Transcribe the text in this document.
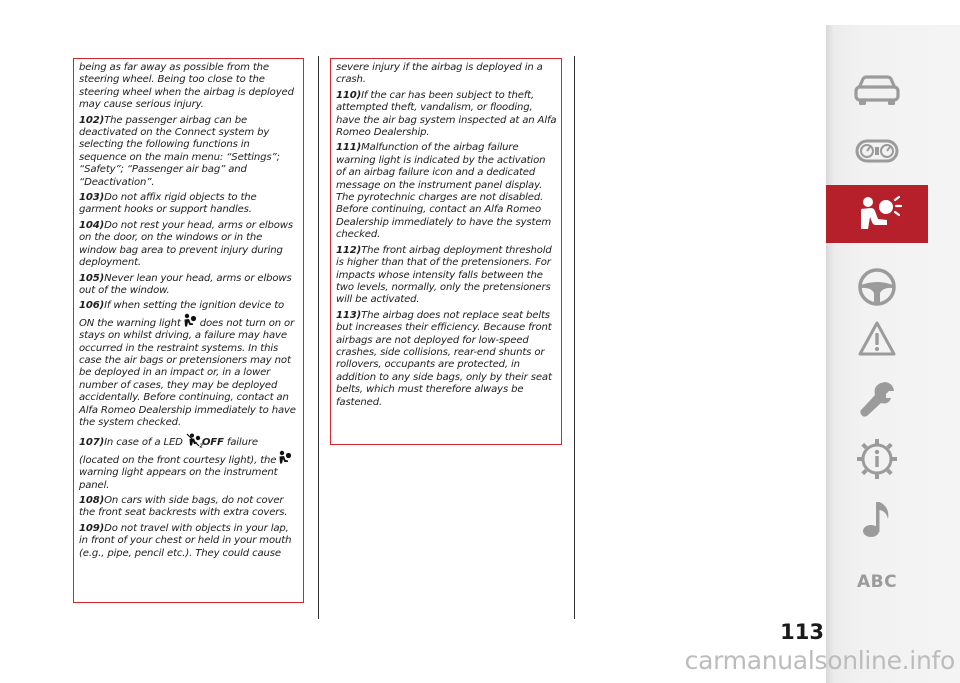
being as far away as possible from the steering wheel. Being too close to the steering wheel when the airbag is deployed may cause serious injury.
102)The passenger airbag can be deactivated on the Connect system by selecting the following functions in sequence on the main menu: “Settings”; “Safety”; “Passenger air bag” and “Deactivation”.
103)Do not affix rigid objects to the garment hooks or support handles.
104)Do not rest your head, arms or elbows on the door, on the windows or in the window bag area to prevent injury during deployment.
105)Never lean your head, arms or elbows out of the window.
106)If when setting the ignition device to ON the warning light does not turn on or stays on whilst driving, a failure may have occurred in the restraint systems. In this case the air bags or pretensioners may not be deployed in an impact or, in a lower number of cases, they may be deployed accidentally. Before continuing, contact an Alfa Romeo Dealership immediately to have the system checked.
107)In case of a LED	2 OFF failure (located on the front courtesy light), the warning light appears on the instrument panel.
108)On cars with side bags, do not cover the front seat backrests with extra covers.
109)Do not travel with objects in your lap, in front of your chest or held in your mouth (e.g., pipe, pencil etc.). They could cause
severe injury if the airbag is deployed in a crash.
110)If the car has been subject to theft, attempted theft, vandalism, or flooding, have the air bag system inspected at an Alfa Romeo Dealership.
111)Malfunction of the airbag failure warning light is indicated by the activation of an airbag failure icon and a dedicated message on the instrument panel display. The pyrotechnic charges are not disabled. Before continuing, contact an Alfa Romeo Dealership immediately to have the system checked.
112)The front airbag deployment threshold is higher than that of the pretensioners. For impacts whose intensity falls between the two levels, normally, only the pretensioners will be activated.
113)The airbag does not replace seat belts but increases their efficiency. Because front airbags are not deployed for low-speed crashes, side collisions, rear-end shunts or rollovers, occupants are protected, in addition to any side bags, only by their seat belts, which must therefore always be fastened.
ABC
113
carmanualsonline.info
